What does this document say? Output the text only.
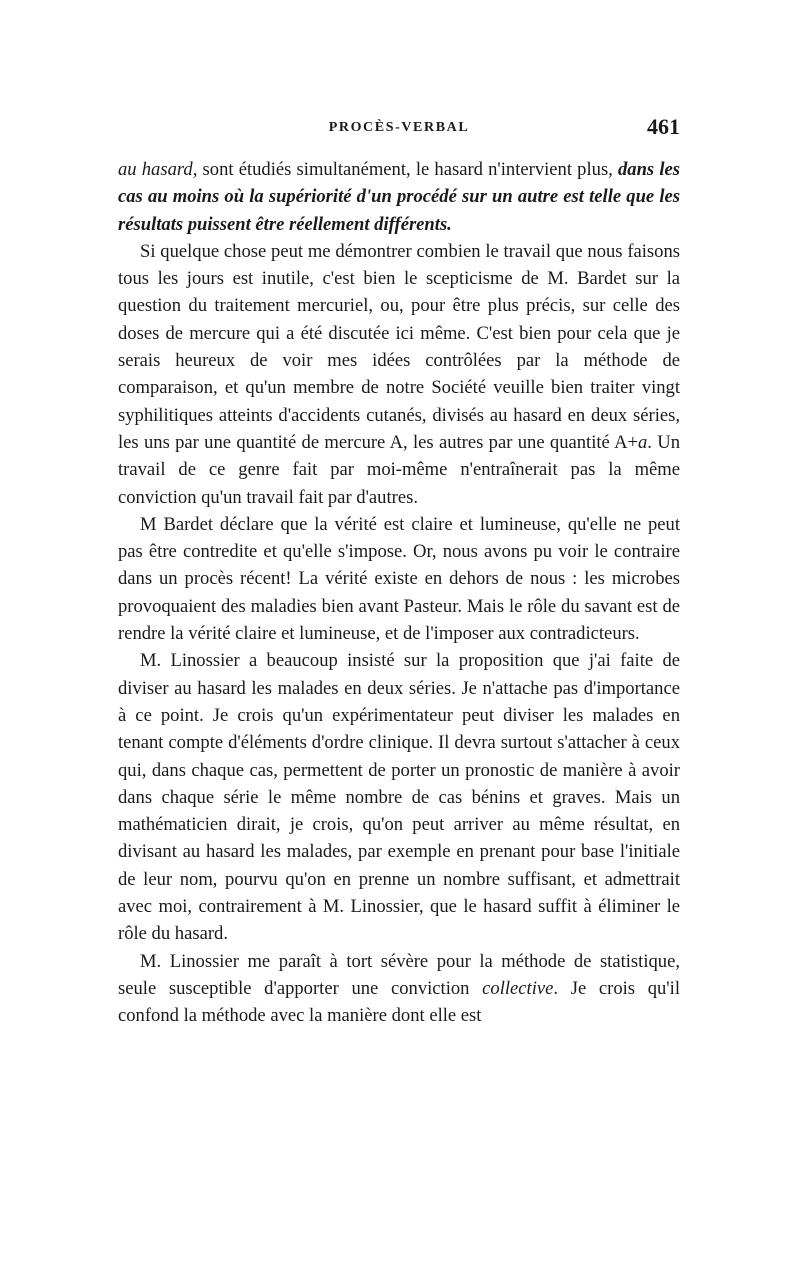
PROCÈS-VERBAL	461

au hasard, sont étudiés simultanément, le hasard n'intervient plus, dans les cas au moins où la supériorité d'un procédé sur un autre est telle que les résultats puissent être réellement différents.

Si quelque chose peut me démontrer combien le travail que nous faisons tous les jours est inutile, c'est bien le scepticisme de M. Bardet sur la question du traitement mercuriel, ou, pour être plus précis, sur celle des doses de mercure qui a été discutée ici même. C'est bien pour cela que je serais heureux de voir mes idées contrôlées par la méthode de comparaison, et qu'un membre de notre Société veuille bien traiter vingt syphilitiques atteints d'accidents cutanés, divisés au hasard en deux séries, les uns par une quantité de mercure A, les autres par une quantité A+a. Un travail de ce genre fait par moi-même n'entraînerait pas la même conviction qu'un travail fait par d'autres.

M Bardet déclare que la vérité est claire et lumineuse, qu'elle ne peut pas être contredite et qu'elle s'impose. Or, nous avons pu voir le contraire dans un procès récent! La vérité existe en dehors de nous : les microbes provoquaient des maladies bien avant Pasteur. Mais le rôle du savant est de rendre la vérité claire et lumineuse, et de l'imposer aux contradicteurs.

M. Linossier a beaucoup insisté sur la proposition que j'ai faite de diviser au hasard les malades en deux séries. Je n'attache pas d'importance à ce point. Je crois qu'un expérimentateur peut diviser les malades en tenant compte d'éléments d'ordre clinique. Il devra surtout s'attacher à ceux qui, dans chaque cas, permettent de porter un pronostic de manière à avoir dans chaque série le même nombre de cas bénins et graves. Mais un mathématicien dirait, je crois, qu'on peut arriver au même résultat, en divisant au hasard les malades, par exemple en prenant pour base l'initiale de leur nom, pourvu qu'on en prenne un nombre suffisant, et admettrait avec moi, contrairement à M. Linossier, que le hasard suffit à éliminer le rôle du hasard.

M. Linossier me paraît à tort sévère pour la méthode de statistique, seule susceptible d'apporter une conviction collective. Je crois qu'il confond la méthode avec la manière dont elle est
